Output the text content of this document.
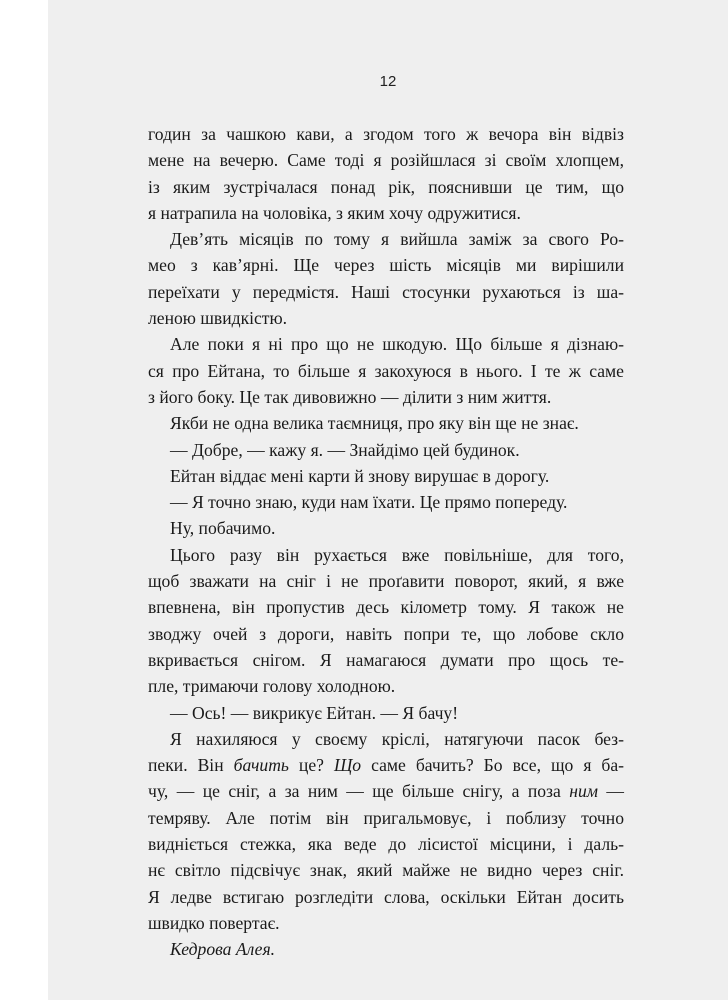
12
годин за чашкою кави, а згодом того ж вечора він відвіз
мене на вечерю. Саме тоді я розійшлася зі своїм хлопцем,
із яким зустрічалася понад рік, пояснивши це тим, що
я натрапила на чоловіка, з яким хочу одружитися.
Дев’ять місяців по тому я вийшла заміж за свого Ро-
мео з кав’ярні. Ще через шість місяців ми вирішили
переїхати у передмістя. Наші стосунки рухаються із ша-
леною швидкістю.
Але поки я ні про що не шкодую. Що більше я дізнаю-
ся про Ейтана, то більше я закохуюся в нього. І те ж саме
з його боку. Це так дивовижно — ділити з ним життя.
Якби не одна велика таємниця, про яку він ще не знає.
— Добре, — кажу я. — Знайдімо цей будинок.
Ейтан віддає мені карти й знову вирушає в дорогу.
— Я точно знаю, куди нам їхати. Це прямо попереду.
Ну, побачимо.
Цього разу він рухається вже повільніше, для того,
щоб зважати на сніг і не проґавити поворот, який, я вже
впевнена, він пропустив десь кілометр тому. Я також не
зводжу очей з дороги, навіть попри те, що лобове скло
вкривається снігом. Я намагаюся думати про щось те-
пле, тримаючи голову холодною.
— Ось! — викрикує Ейтан. — Я бачу!
Я нахиляюся у своєму кріслі, натягуючи пасок без-
пеки. Він бачить це? Що саме бачить? Бо все, що я ба-
чу, — це сніг, а за ним — ще більше снігу, а поза ним —
темряву. Але потім він пригальмовує, і поблизу точно
видніється стежка, яка веде до лісистої місцини, і даль-
нє світло підсвічує знак, який майже не видно через сніг.
Я ледве встигаю розгледіти слова, оскільки Ейтан досить
швидко повертає.
Кедрова Алея.
